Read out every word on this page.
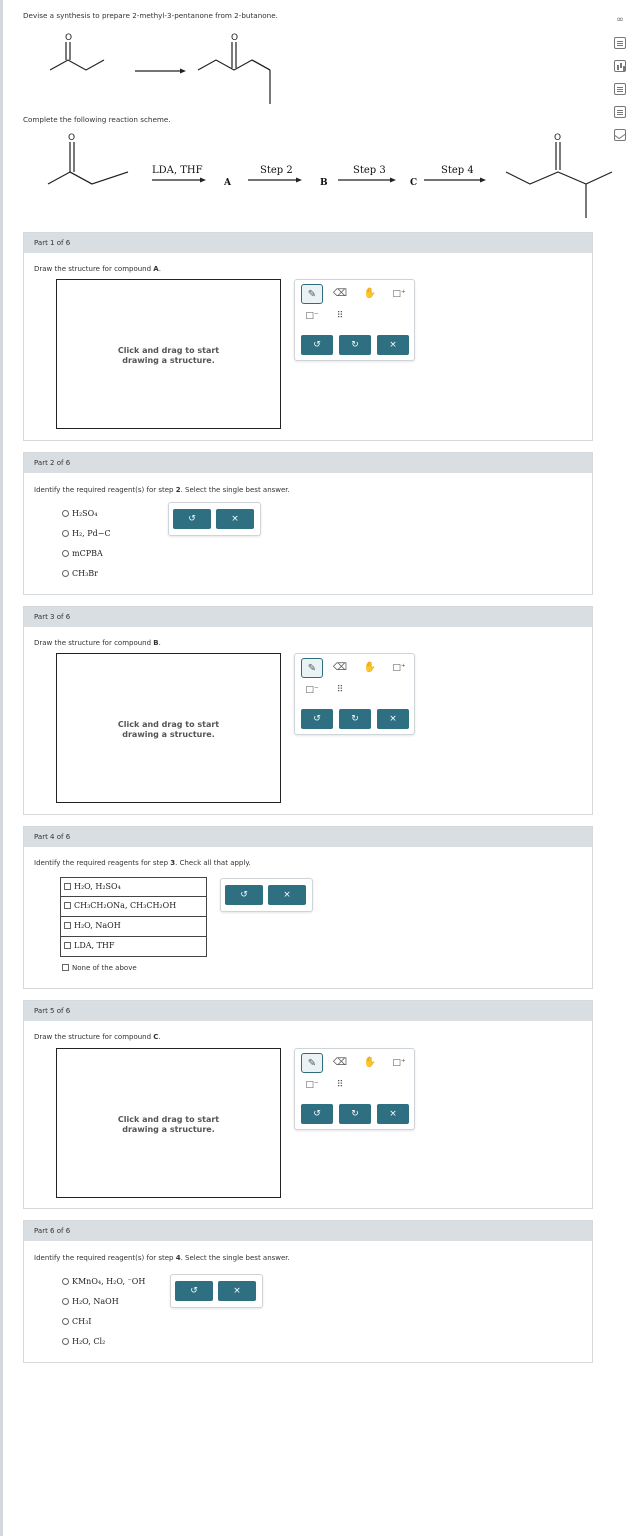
∞
Devise a synthesis to prepare 2-methyl-3-pentanone from 2-butanone.
O	O
Complete the following reaction scheme.
O	O
LDA, THF	Step 2	Step 3	Step 4
A	B	C
Part 1 of 6
Draw the structure for compound A.
Click and drag to start
drawing a structure.
✎	⌫	✋	□⁺
□⁻	⠿
↺	↻	×
Part 2 of 6
Identify the required reagent(s) for step 2. Select the single best answer.
H₂SO₄
H₂, Pd−C
mCPBA
CH₃Br
↺	×
Part 3 of 6
Draw the structure for compound B.
Click and drag to start
drawing a structure.
✎	⌫	✋	□⁺
□⁻	⠿
↺	↻	×
Part 4 of 6
Identify the required reagents for step 3. Check all that apply.
H₂O, H₂SO₄
CH₃CH₂ONa, CH₃CH₂OH
H₂O, NaOH
LDA, THF
None of the above
↺	×
Part 5 of 6
Draw the structure for compound C.
Click and drag to start
drawing a structure.
✎	⌫	✋	□⁺
□⁻	⠿
↺	↻	×
Part 6 of 6
Identify the required reagent(s) for step 4. Select the single best answer.
KMnO₄, H₂O, ⁻OH
H₂O, NaOH
CH₃I
H₂O, Cl₂
↺	×
